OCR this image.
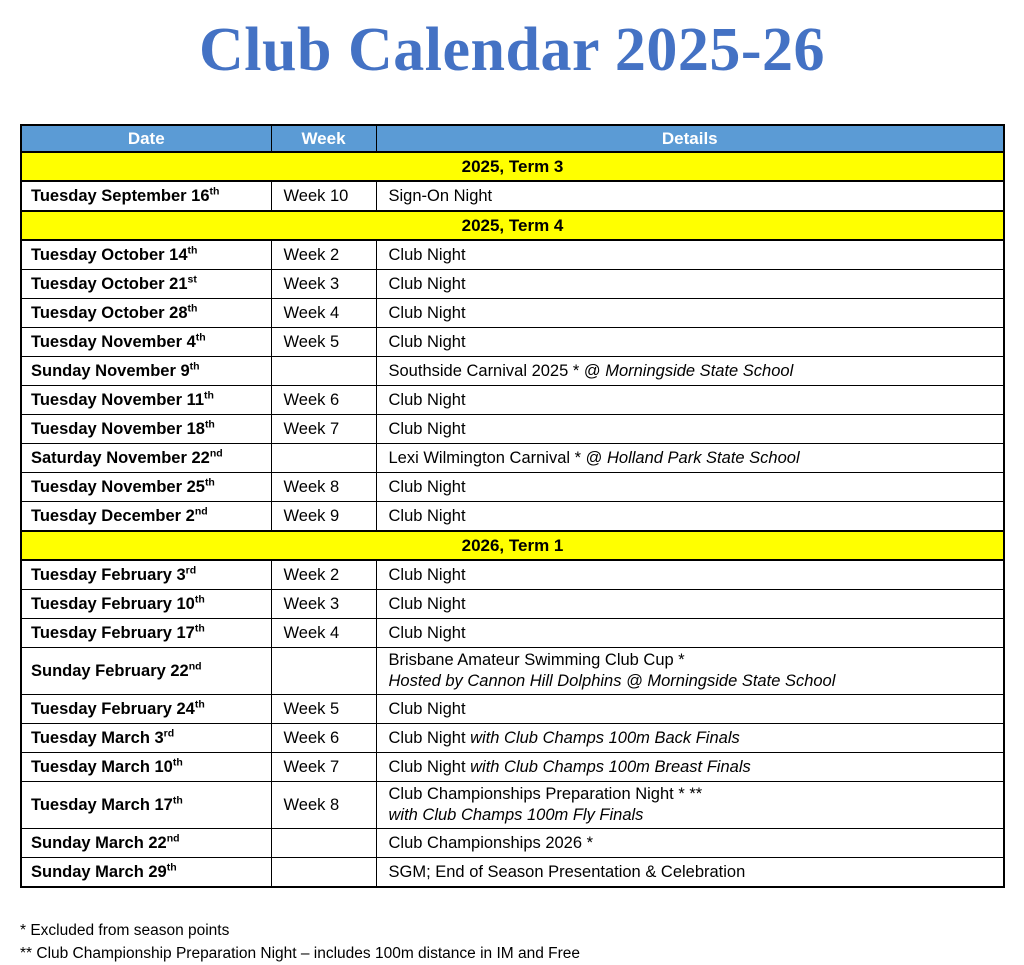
Club Calendar 2025-26
Date	Week	Details
2025, Term 3		
Tuesday September 16th	Week 10	Sign-On Night

2025, Term 4		
Tuesday October 14th	Week 2	Club Night

Tuesday October 21st	Week 3	Club Night

Tuesday October 28th	Week 4	Club Night

Tuesday November 4th	Week 5	Club Night

Sunday November 9th		Southside Carnival 2025 * @ Morningside State School

Tuesday November 11th	Week 6	Club Night

Tuesday November 18th	Week 7	Club Night

Saturday November 22nd		Lexi Wilmington Carnival * @ Holland Park State School

Tuesday November 25th	Week 8	Club Night

Tuesday December 2nd	Week 9	Club Night

2026, Term 1		
Tuesday February 3rd	Week 2	Club Night

Tuesday February 10th	Week 3	Club Night

Tuesday February 17th	Week 4	Club Night

Sunday February 22nd		Brisbane Amateur Swimming Club Cup *
Hosted by Cannon Hill Dolphins @ Morningside State School

Tuesday February 24th	Week 5	Club Night

Tuesday March 3rd	Week 6	Club Night with Club Champs 100m Back Finals

Tuesday March 10th	Week 7	Club Night with Club Champs 100m Breast Finals

Tuesday March 17th	Week 8	Club Championships Preparation Night * **
with Club Champs 100m Fly Finals

Sunday March 22nd		Club Championships 2026 *

Sunday March 29th		SGM; End of Season Presentation & Celebration

* Excluded from season points

** Club Championship Preparation Night – includes 100m distance in IM and Free
